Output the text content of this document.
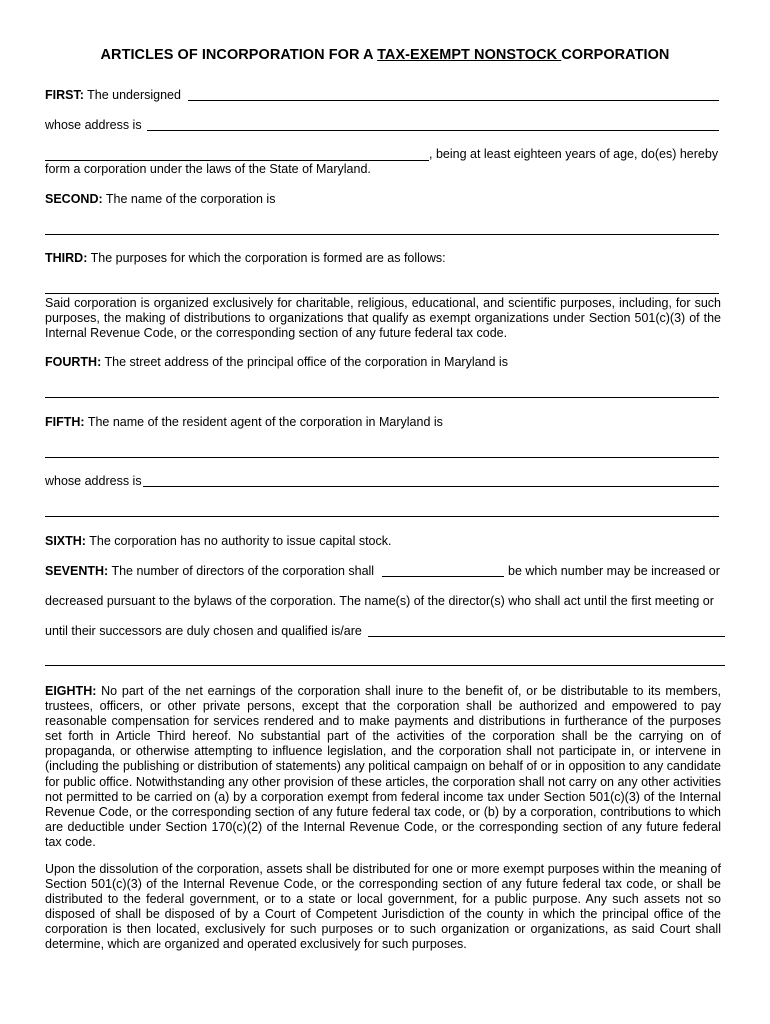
ARTICLES OF INCORPORATION FOR A TAX-EXEMPT NONSTOCK CORPORATION
FIRST: The undersigned
whose address is
, being at least eighteen years of age, do(es) hereby
form a corporation under the laws of the State of Maryland.
SECOND: The name of the corporation is
THIRD: The purposes for which the corporation is formed are as follows:
Said corporation is organized exclusively for charitable, religious, educational, and scientific purposes, including, for such purposes, the making of distributions to organizations that qualify as exempt organizations under Section 501(c)(3) of the Internal Revenue Code, or the corresponding section of any future federal tax code.
FOURTH: The street address of the principal office of the corporation in Maryland is
FIFTH: The name of the resident agent of the corporation in Maryland is
whose address is
SIXTH: The corporation has no authority to issue capital stock.
SEVENTH: The number of directors of the corporation shall	be which number may be increased or
decreased pursuant to the bylaws of the corporation. The name(s) of the director(s) who shall act until the first meeting or
until their successors are duly chosen and qualified is/are
EIGHTH: No part of the net earnings of the corporation shall inure to the benefit of, or be distributable to its members, trustees, officers, or other private persons, except that the corporation shall be authorized and empowered to pay reasonable compensation for services rendered and to make payments and distributions in furtherance of the purposes set forth in Article Third hereof. No substantial part of the activities of the corporation shall be the carrying on of propaganda, or otherwise attempting to influence legislation, and the corporation shall not participate in, or intervene in (including the publishing or distribution of statements) any political campaign on behalf of or in opposition to any candidate for public office. Notwithstanding any other provision of these articles, the corporation shall not carry on any other activities not permitted to be carried on (a) by a corporation exempt from federal income tax under Section 501(c)(3) of the Internal Revenue Code, or the corresponding section of any future federal tax code, or (b) by a corporation, contributions to which are deductible under Section 170(c)(2) of the Internal Revenue Code, or the corresponding section of any future federal tax code.
Upon the dissolution of the corporation, assets shall be distributed for one or more exempt purposes within the meaning of Section 501(c)(3) of the Internal Revenue Code, or the corresponding section of any future federal tax code, or shall be distributed to the federal government, or to a state or local government, for a public purpose. Any such assets not so disposed of shall be disposed of by a Court of Competent Jurisdiction of the county in which the principal office of the corporation is then located, exclusively for such purposes or to such organization or organizations, as said Court shall determine, which are organized and operated exclusively for such purposes.
